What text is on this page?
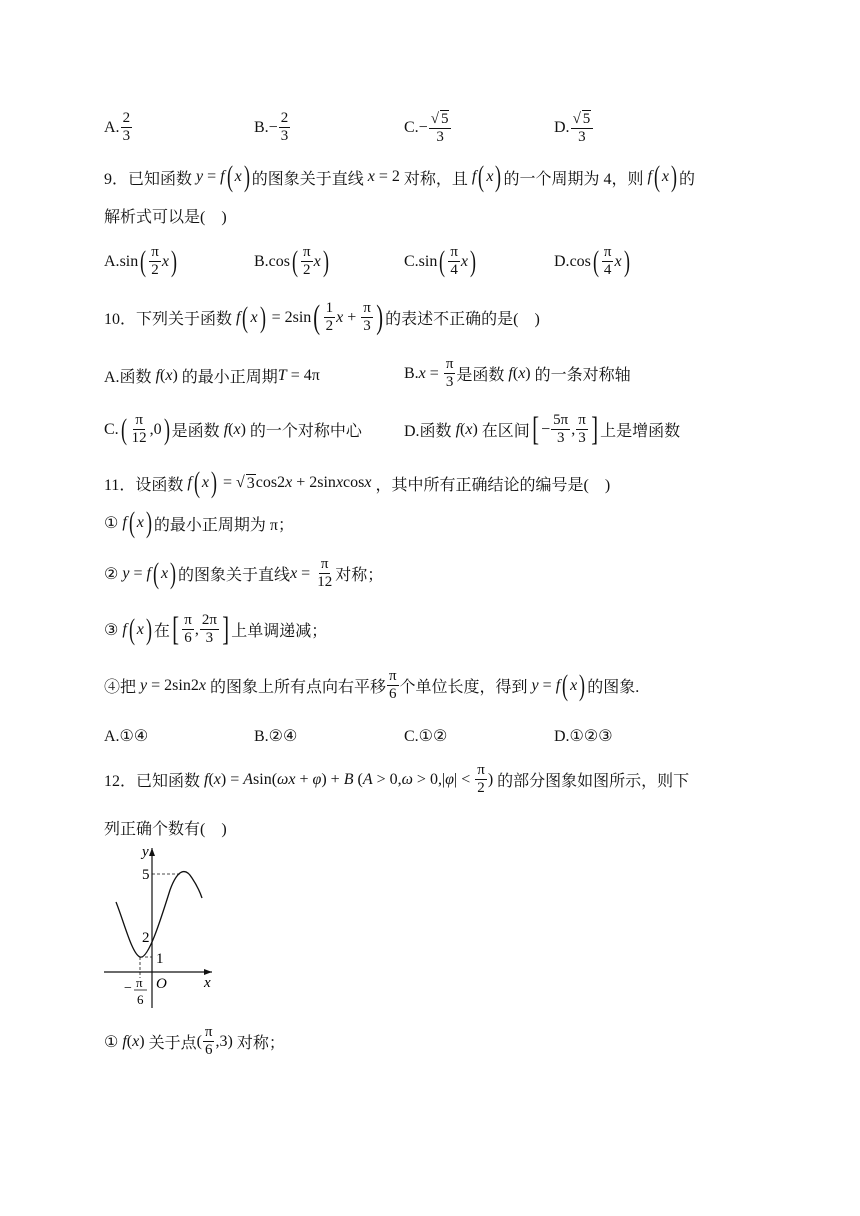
A. $\frac{2}{3}$	B. − $\frac{2}{3}$	C. − $\frac{√ 5}{3}$	D. $\frac{√ 5}{3}$
9．已知函数
y = f ( x ) 的图象关于直线
x = 2 对称，且
f ( x ) 的一个周期为 4，则
f ( x ) 的
解析式可以是(　)
A. sin ( $\frac{\pi}{2}$ x )	B. cos ( $\frac{\pi}{2}$ x )	C. sin ( $\frac{\pi}{4}$ x )	D. cos ( $\frac{\pi}{4}$ x )
10．下列关于函数
f ( x ) = 2sin ( $\frac{1}{2}$ $x + \frac{\pi}{3}$ ) 的表述不正确的是(　)
A.函数
f ( x ) 的最小正周期 T = 4π	B. $x = \frac{\pi}{3}$ 是函数
f ( x ) 的一条对称轴
C. ( $\frac{\pi}{12} ,0$ ) 是函数
f ( x ) 的一个对称中心	D.函数
f ( x ) 在区间 [ − $\frac{5\pi}{3}$ , $\frac{\pi}{3}$ ] 上是增函数
11．设函数
f ( x ) = √ 3 cos2 x + 2sin x cos x
，其中所有正确结论的编号是(　)
①
f ( x ) 的最小正周期为 π；
②
y = f ( x ) 的图象关于直线 $x = \frac{\pi}{12}$ 对称；
③
f ( x ) 在 [ $\frac{\pi}{6}$ , $\frac{2\pi}{3}$ ] 上单调递减；
④把
y = 2sin2 x
的图象上所有点向右平移 $\frac{\pi}{6}$ 个单位长度，得到
y = f ( x ) 的图象.
A.①④	B.②④	C.①②	D.①②③
12．已知函数
f ( x ) = A sin( ωx + φ ) + B ( A > 0, ω > 0,| φ | < $\frac{\pi}{2}$ ) 的部分图象如图所示，则下
列正确个数有(　)
y
x
O
5
2
1
− π
6
①
f ( x ) 关于点 ( $\frac{\pi}{6} ,3$) 对称；
